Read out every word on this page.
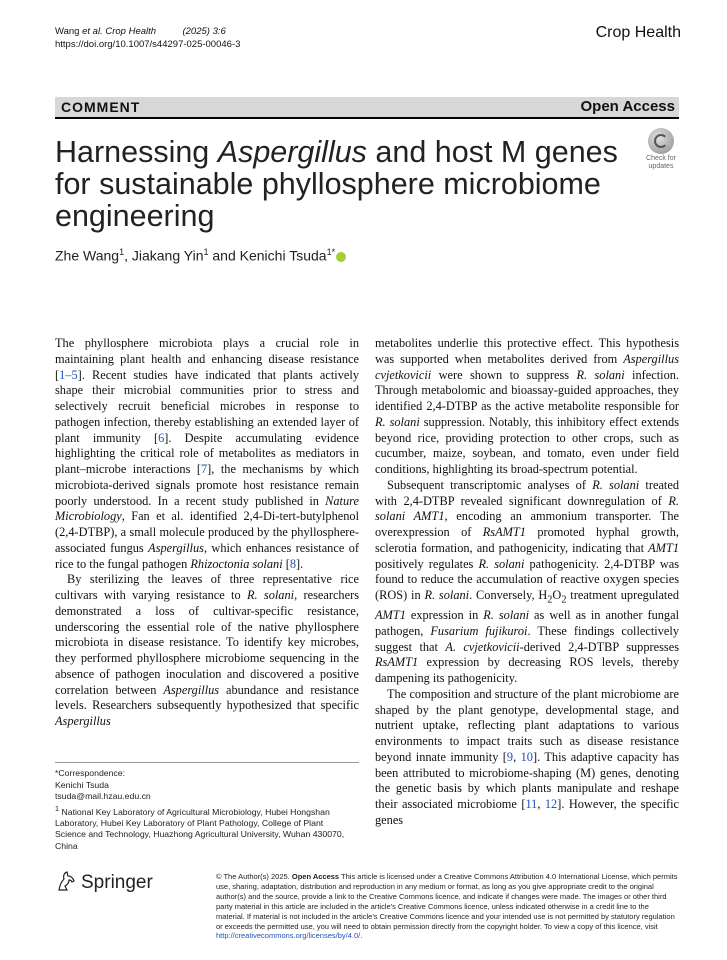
Wang et al. Crop Health	(2025) 3:6
https://doi.org/10.1007/s44297-025-00046-3
Crop Health
COMMENT	Open Access
Check for
updates
Harnessing Aspergillus and host M genes for sustainable phyllosphere microbiome engineering
Zhe Wang$^1$, Jiakang Yin$^1$ and Kenichi Tsuda$^{1*}$

The phyllosphere microbiota plays a crucial role in maintaining plant health and enhancing disease resistance [1–5]. Recent studies have indicated that plants actively shape their microbial communities prior to stress and selectively recruit beneficial microbes in response to pathogen infection, thereby establishing an extended layer of plant immunity [6]. Despite accumulating evidence highlighting the critical role of metabolites as mediators in plant–microbe interactions [7], the mechanisms by which microbiota-derived signals promote host resistance remain poorly understood. In a recent study published in Nature Microbiology, Fan et al. identified 2,4-Di-tert-butylphenol (2,4-DTBP), a small molecule produced by the phyllosphere-associated fungus Aspergillus, which enhances resistance of rice to the fungal pathogen Rhizoctonia solani [8].

By sterilizing the leaves of three representative rice cultivars with varying resistance to R. solani, researchers demonstrated a loss of cultivar-specific resistance, underscoring the essential role of the native phyllosphere microbiota in disease resistance. To identify key microbes, they performed phyllosphere microbiome sequencing in the absence of pathogen inoculation and discovered a positive correlation between Aspergillus abundance and resistance levels. Researchers subsequently hypothesized that specific Aspergillus

metabolites underlie this protective effect. This hypothesis was supported when metabolites derived from Aspergillus cvjetkovicii were shown to suppress R. solani infection. Through metabolomic and bioassay-guided approaches, they identified 2,4-DTBP as the active metabolite responsible for R. solani suppression. Notably, this inhibitory effect extends beyond rice, providing protection to other crops, such as cucumber, maize, soybean, and tomato, even under field conditions, highlighting its broad-spectrum potential.

Subsequent transcriptomic analyses of R. solani treated with 2,4-DTBP revealed significant downregulation of R. solani AMT1, encoding an ammonium transporter. The overexpression of RsAMT1 promoted hyphal growth, sclerotia formation, and pathogenicity, indicating that AMT1 positively regulates R. solani pathogenicity. 2,4-DTBP was found to reduce the accumulation of reactive oxygen species (ROS) in R. solani. Conversely, $H_2O_2$ treatment upregulated AMT1 expression in R. solani as well as in another fungal pathogen, Fusarium fujikuroi. These findings collectively suggest that A. cvjetkovicii-derived 2,4-DTBP suppresses RsAMT1 expression by decreasing ROS levels, thereby dampening its pathogenicity.

The composition and structure of the plant microbiome are shaped by the plant genotype, developmental stage, and nutrient uptake, reflecting plant adaptations to various environments to impact traits such as disease resistance beyond innate immunity [9, 10]. This adaptive capacity has been attributed to microbiome-shaping (M) genes, denoting the genetic basis by which plants manipulate and reshape their associated microbiome [11, 12]. However, the specific genes

*Correspondence:
Kenichi Tsuda
tsuda@mail.hzau.edu.cn
$^1$ National Key Laboratory of Agricultural Microbiology, Hubei Hongshan Laboratory, Hubei Key Laboratory of Plant Pathology, College of Plant Science and Technology, Huazhong Agricultural University, Wuhan 430070, China
Springer	© The Author(s) 2025. Open Access This article is licensed under a Creative Commons Attribution 4.0 International License, which permits use, sharing, adaptation, distribution and reproduction in any medium or format, as long as you give appropriate credit to the original author(s) and the source, provide a link to the Creative Commons licence, and indicate if changes were made. The images or other third party material in this article are included in the article's Creative Commons licence, unless indicated otherwise in a credit line to the material. If material is not included in the article's Creative Commons licence and your intended use is not permitted by statutory regulation or exceeds the permitted use, you will need to obtain permission directly from the copyright holder. To view a copy of this licence, visit http://creativecommons.org/licenses/by/4.0/.
